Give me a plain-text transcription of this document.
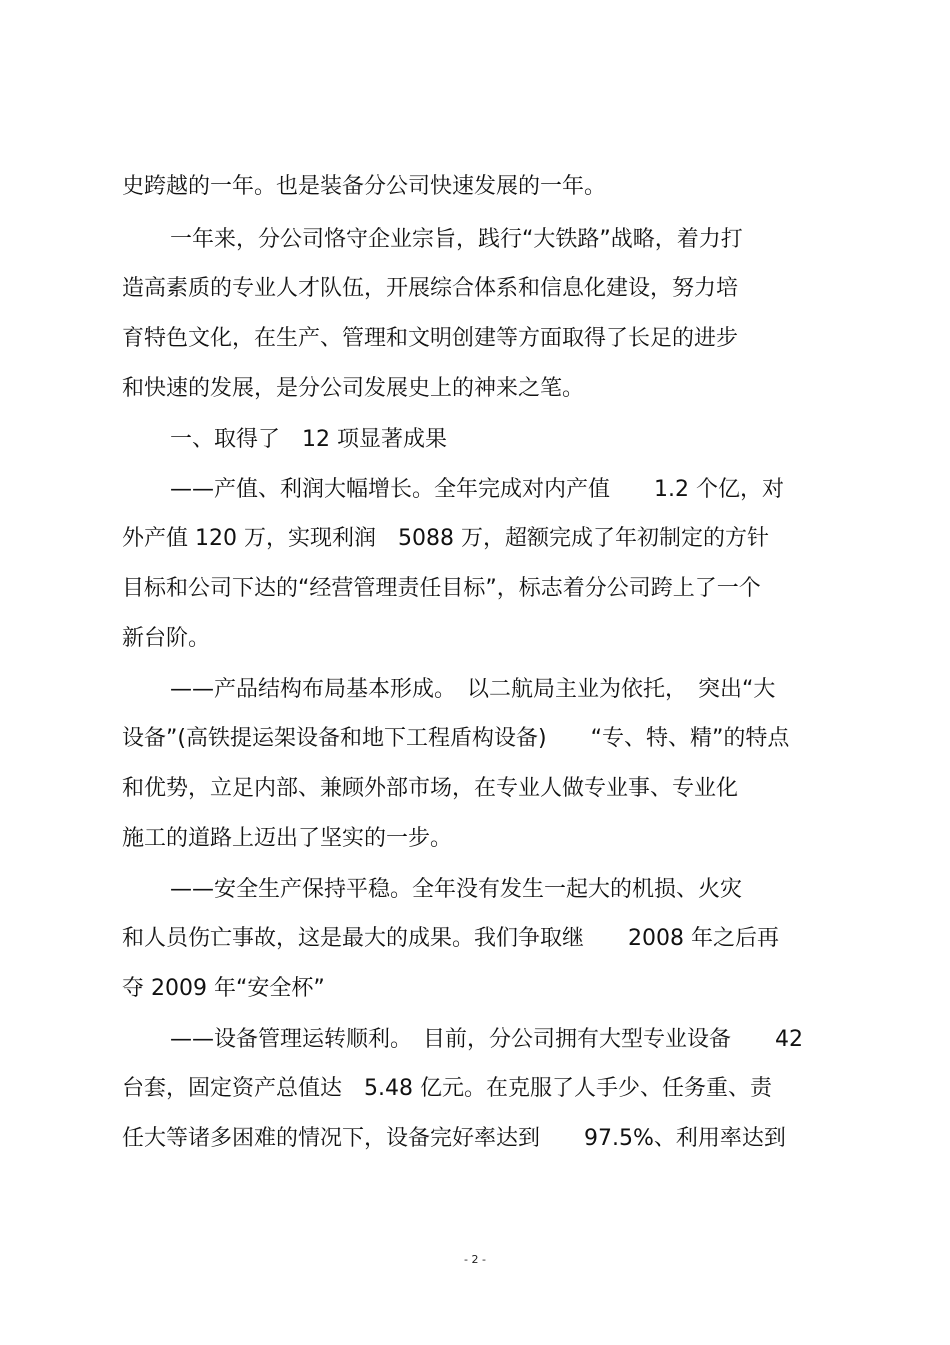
史跨越的一年。也是装备分公司快速发展的一年。
一年来，分公司恪守企业宗旨，践行“大铁路”战略，着力打
造高素质的专业人才队伍，开展综合体系和信息化建设，努力培
育特色文化，在生产、管理和文明创建等方面取得了长足的进步
和快速的发展，是分公司发展史上的神来之笔。
一、取得了　12 项显著成果
——产值、利润大幅增长。全年完成对内产值　　1.2 个亿，对
外产值 120 万，实现利润　5088 万，超额完成了年初制定的方针
目标和公司下达的“经营管理责任目标”，标志着分公司跨上了一个
新台阶。
——产品结构布局基本形成。　以二航局主业为依托，　突出“大
设备”(高铁提运架设备和地下工程盾构设备)　　“专、特、精”的特点
和优势，立足内部、兼顾外部市场，在专业人做专业事、专业化
施工的道路上迈出了坚实的一步。
——安全生产保持平稳。全年没有发生一起大的机损、火灾
和人员伤亡事故，这是最大的成果。我们争取继　　2008 年之后再
夺 2009 年“安全杯”
——设备管理运转顺利。　目前，分公司拥有大型专业设备　　42
台套，固定资产总值达　5.48 亿元。在克服了人手少、任务重、责
任大等诸多困难的情况下，设备完好率达到　　97.5%、利用率达到
- 2 -
